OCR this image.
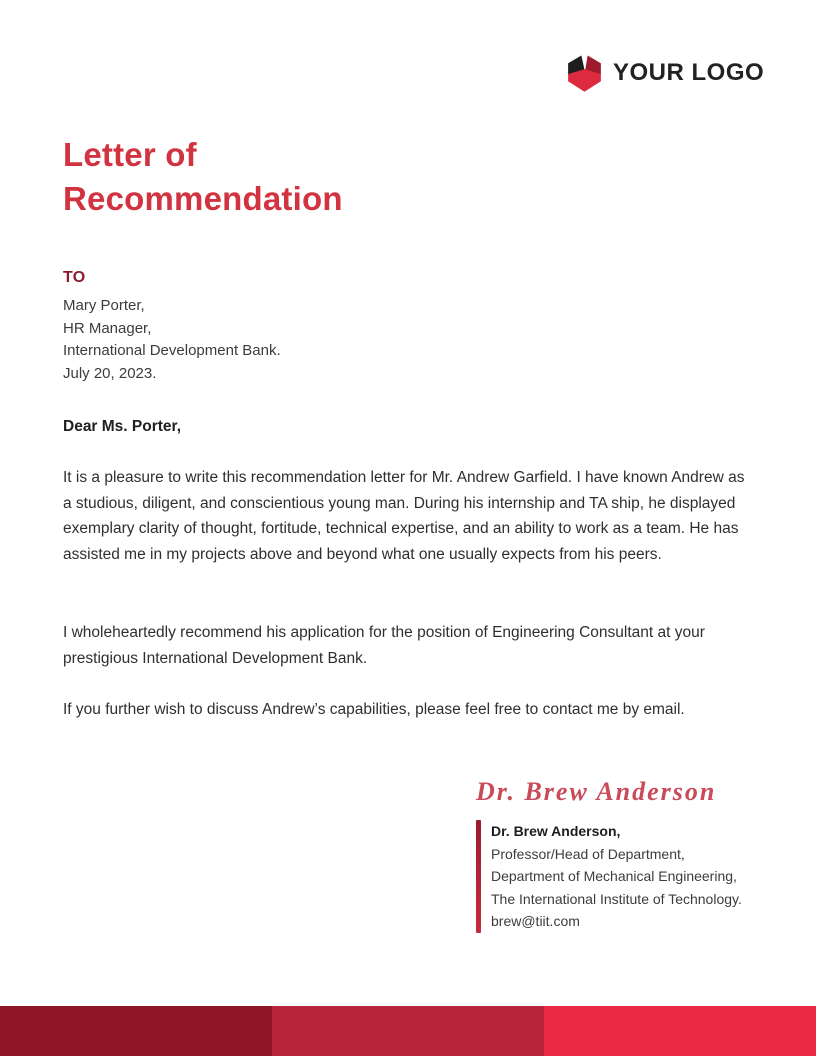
YOUR LOGO
Letter of
Recommendation
TO
Mary Porter,
HR Manager,
International Development Bank.
July 20, 2023.
Dear Ms. Porter,

It is a pleasure to write this recommendation letter for Mr. Andrew Garfield. I have known Andrew as a studious, diligent, and conscientious young man. During his internship and TA ship, he displayed exemplary clarity of thought, fortitude, technical expertise, and an ability to work as a team. He has assisted me in my projects above and beyond what one usually expects from his peers.

I wholeheartedly recommend his application for the position of Engineering Consultant at your prestigious International Development Bank.

If you further wish to discuss Andrew’s capabilities, please feel free to contact me by email.

Dr. Brew Anderson
Dr. Brew Anderson,
Professor/Head of Department,
Department of Mechanical Engineering,
The International Institute of Technology.
brew@tiit.com
